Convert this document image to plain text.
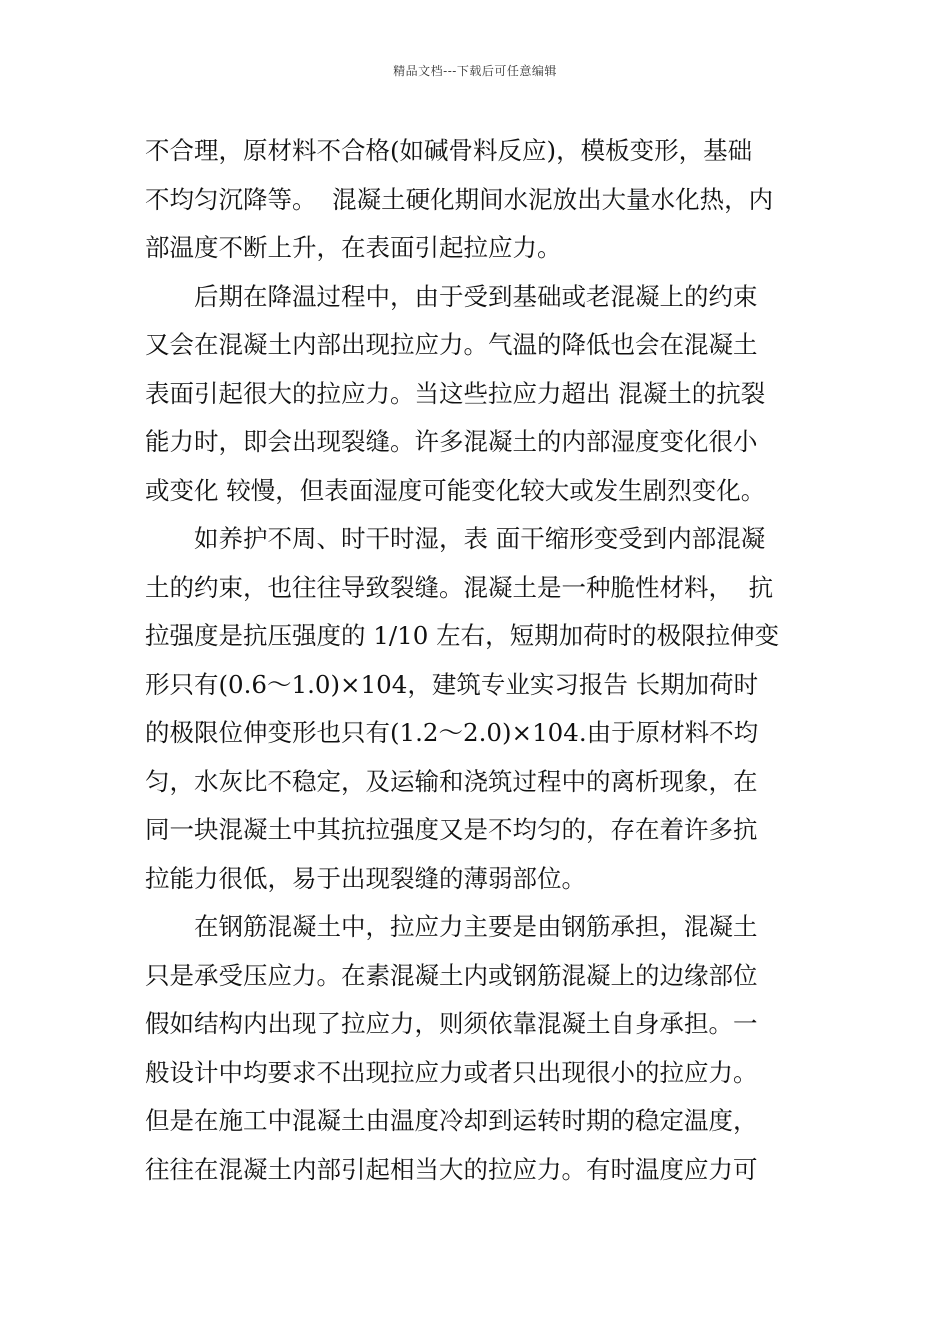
精品文档---下载后可任意编辑
不合理，原材料不合格(如碱骨料反应)，模板变形，基础
不均匀沉降等。  混凝土硬化期间水泥放出大量水化热，内
部温度不断上升，在表面引起拉应力。
后期在降温过程中，由于受到基础或老混凝上的约束
又会在混凝土内部出现拉应力。气温的降低也会在混凝土
表面引起很大的拉应力。当这些拉应力超出 混凝土的抗裂
能力时，即会出现裂缝。许多混凝土的内部湿度变化很小
或变化 较慢，但表面湿度可能变化较大或发生剧烈变化。
如养护不周、时干时湿，表 面干缩形变受到内部混凝
土的约束，也往往导致裂缝。混凝土是一种脆性材料，  抗
拉强度是抗压强度的 1/10 左右，短期加荷时的极限拉伸变
形只有(0.6～1.0)×104，建筑专业实习报告 长期加荷时
的极限位伸变形也只有(1.2～2.0)×104.由于原材料不均
匀，水灰比不稳定，及运输和浇筑过程中的离析现象，在
同一块混凝土中其抗拉强度又是不均匀的，存在着许多抗
拉能力很低，易于出现裂缝的薄弱部位。
在钢筋混凝土中，拉应力主要是由钢筋承担，混凝土
只是承受压应力。在素混凝土内或钢筋混凝上的边缘部位
假如结构内出现了拉应力，则须依靠混凝土自身承担。一
般设计中均要求不出现拉应力或者只出现很小的拉应力。
但是在施工中混凝土由温度冷却到运转时期的稳定温度，
往往在混凝土内部引起相当大的拉应力。有时温度应力可
